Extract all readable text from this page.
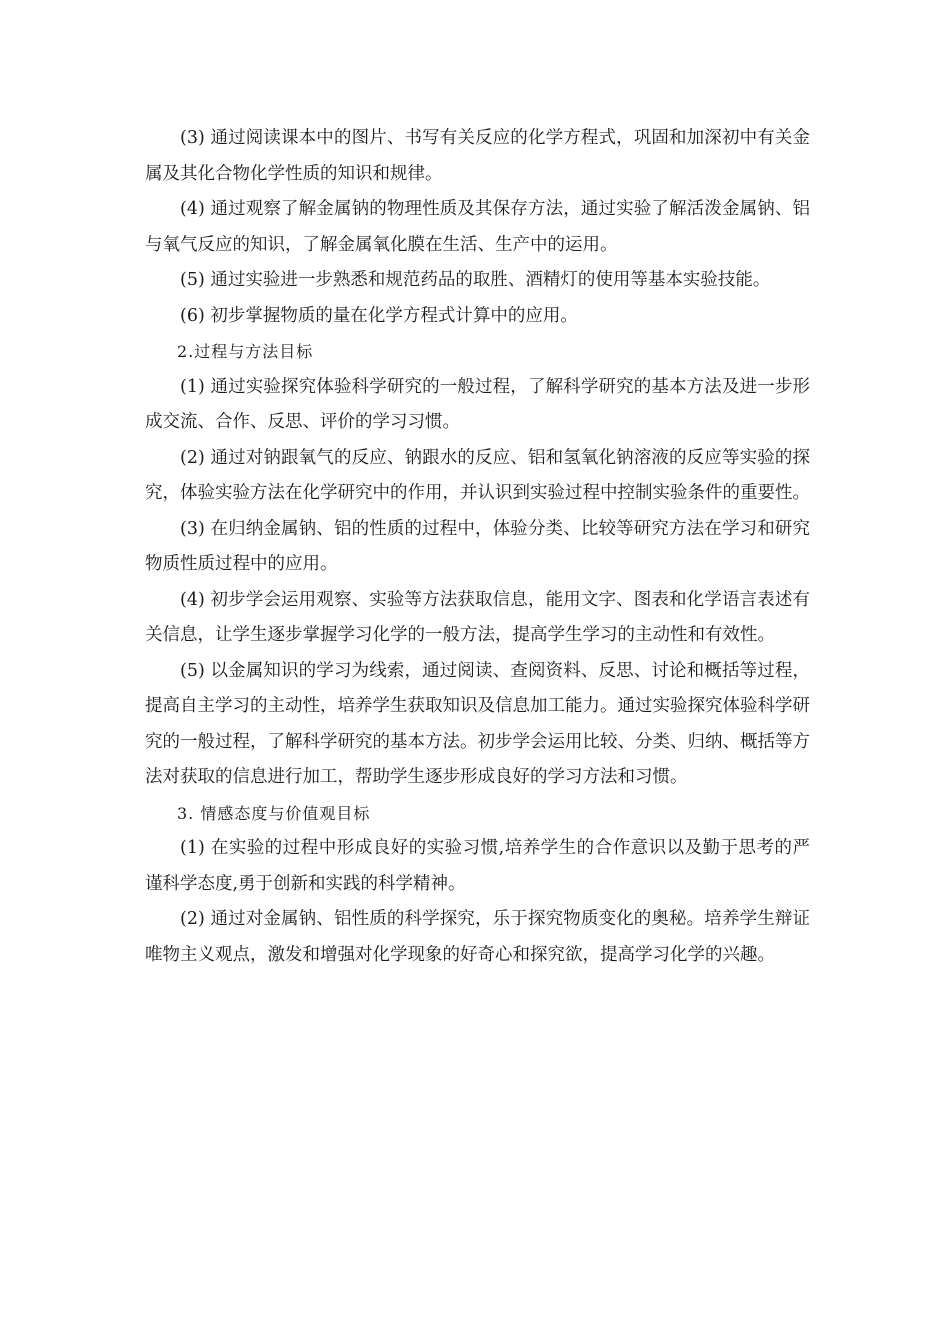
(3) 通过阅读课本中的图片、书写有关反应的化学方程式，巩固和加深初中有关金属及其化合物化学性质的知识和规律。

(4) 通过观察了解金属钠的物理性质及其保存方法，通过实验了解活泼金属钠、铝与氧气反应的知识，了解金属氧化膜在生活、生产中的运用。

(5) 通过实验进一步熟悉和规范药品的取胜、酒精灯的使用等基本实验技能。

(6) 初步掌握物质的量在化学方程式计算中的应用。

2.过程与方法目标

(1) 通过实验探究体验科学研究的一般过程，了解科学研究的基本方法及进一步形成交流、合作、反思、评价的学习习惯。

(2) 通过对钠跟氧气的反应、钠跟水的反应、铝和氢氧化钠溶液的反应等实验的探究，体验实验方法在化学研究中的作用，并认识到实验过程中控制实验条件的重要性。

(3) 在归纳金属钠、铝的性质的过程中，体验分类、比较等研究方法在学习和研究物质性质过程中的应用。

(4) 初步学会运用观察、实验等方法获取信息，能用文字、图表和化学语言表述有关信息，让学生逐步掌握学习化学的一般方法，提高学生学习的主动性和有效性。

(5) 以金属知识的学习为线索，通过阅读、查阅资料、反思、讨论和概括等过程，提高自主学习的主动性，培养学生获取知识及信息加工能力。通过实验探究体验科学研究的一般过程，了解科学研究的基本方法。初步学会运用比较、分类、归纳、概括等方法对获取的信息进行加工，帮助学生逐步形成良好的学习方法和习惯。

3. 情感态度与价值观目标

(1) 在实验的过程中形成良好的实验习惯,培养学生的合作意识以及勤于思考的严谨科学态度,勇于创新和实践的科学精神。

(2) 通过对金属钠、铝性质的科学探究，乐于探究物质变化的奥秘。培养学生辩证唯物主义观点，激发和增强对化学现象的好奇心和探究欲，提高学习化学的兴趣。
